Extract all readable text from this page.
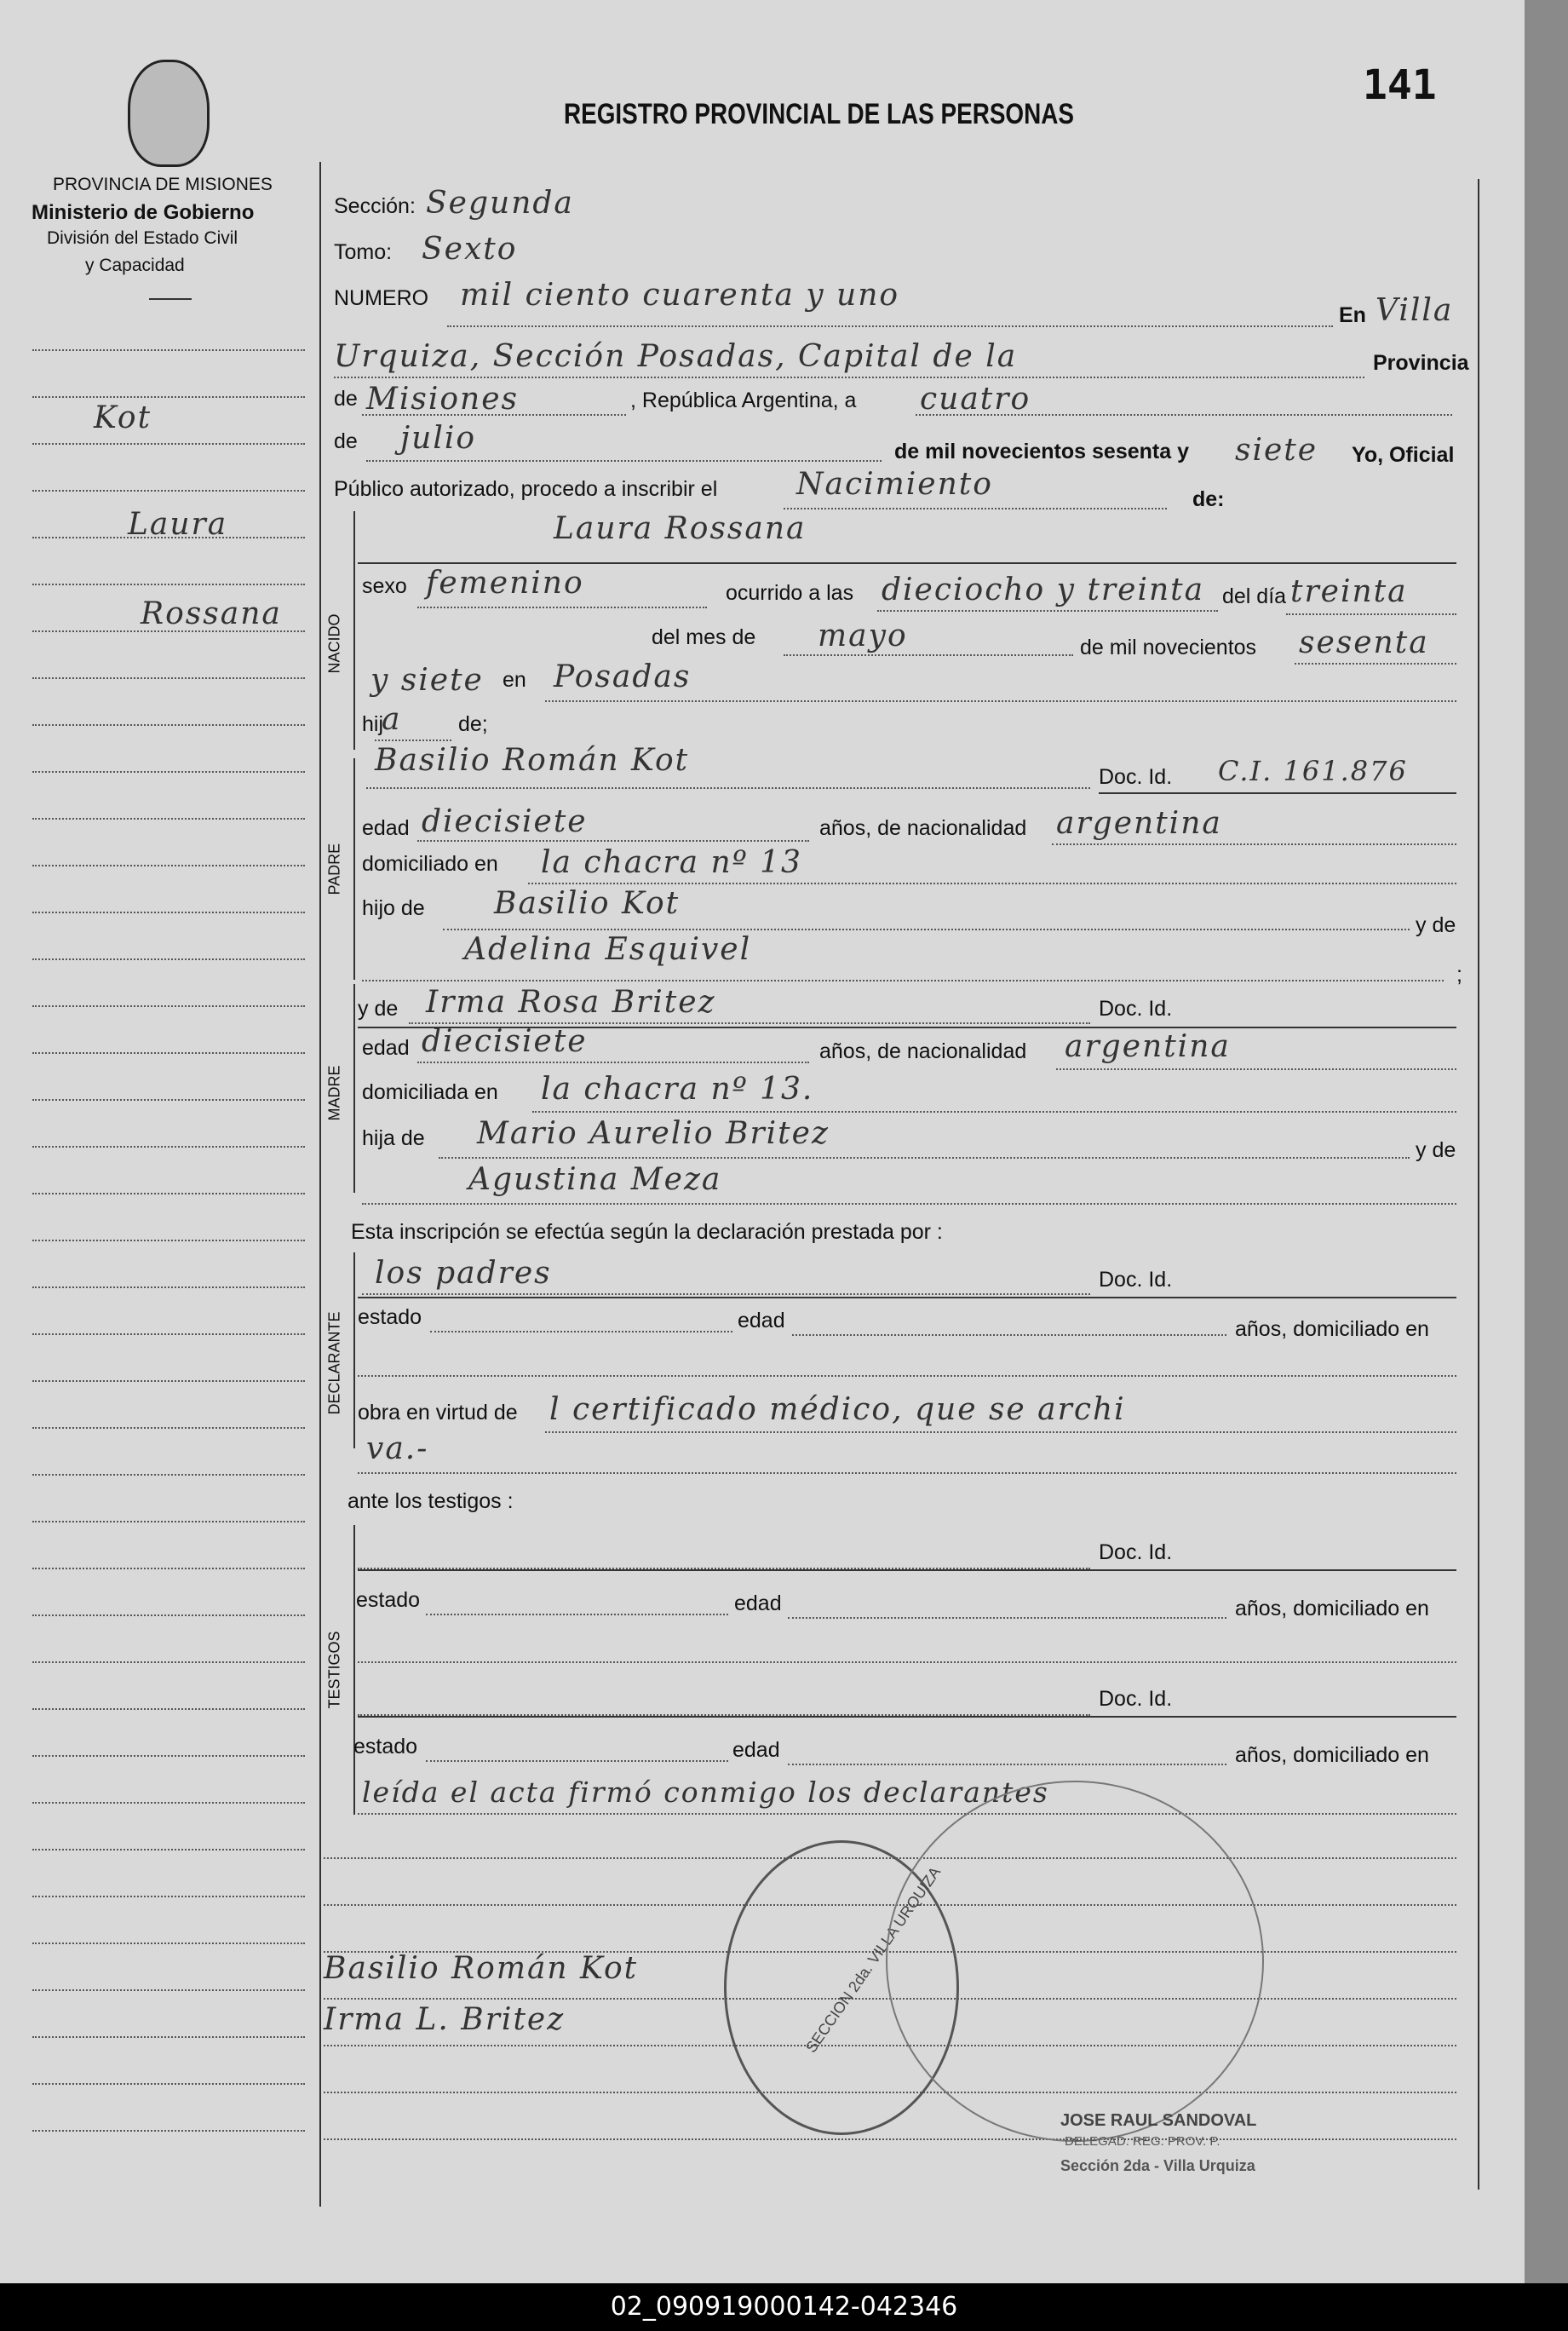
PROVINCIA DE MISIONES
Ministerio de Gobierno
División del Estado Civil
y Capacidad
REGISTRO PROVINCIAL DE LAS PERSONAS
141
Kot
Laura
Rossana
Sección: Segunda
Tomo: Sexto
NUMERO mil ciento cuarenta y uno
En Villa
Urquiza, Sección Posadas, Capital de la	Provincia
de Misiones	, República Argentina, a cuatro
de julio	de mil novecientos sesenta y siete Yo, Oficial
Público autorizado, procedo a inscribir el	Nacimiento	de:
NACIDO
Laura Rossana
sexo femenino	ocurrido a las dieciocho y treinta del día treinta
del mes de mayo	de mil novecientos sesenta
y siete en Posadas
hij
a	de;
PADRE
Basilio Román Kot	Doc. Id. C.I. 161.876
edad diecisiete	años, de nacionalidad argentina
domiciliado en la chacra nº 13
hijo de Basilio Kot
y de
Adelina Esquivel
;
MADRE
y de Irma Rosa Britez	Doc. Id.
edad diecisiete	años, de nacionalidad argentina
domiciliada en la chacra nº 13.
hija de Mario Aurelio Britez	y de
Agustina Meza
Esta inscripción se efectúa según la declaración prestada por :
DECLARANTE
los padres	Doc. Id.
estado	edad	años, domiciliado en
obra en virtud de l certificado médico, que se archi
va.-
ante los testigos :
TESTIGOS
Doc. Id.
estado	edad	años, domiciliado en
Doc. Id.
estado	edad	años, domiciliado en
leída el acta firmó conmigo los declarantes
Basilio Román Kot
Irma L. Britez	SECCION 2da. VILLA URQUIZA
JOSE RAUL SANDOVAL
DELEGAD. REG. PROV. P.
Sección 2da - Villa Urquiza
02_090919000142-042346
